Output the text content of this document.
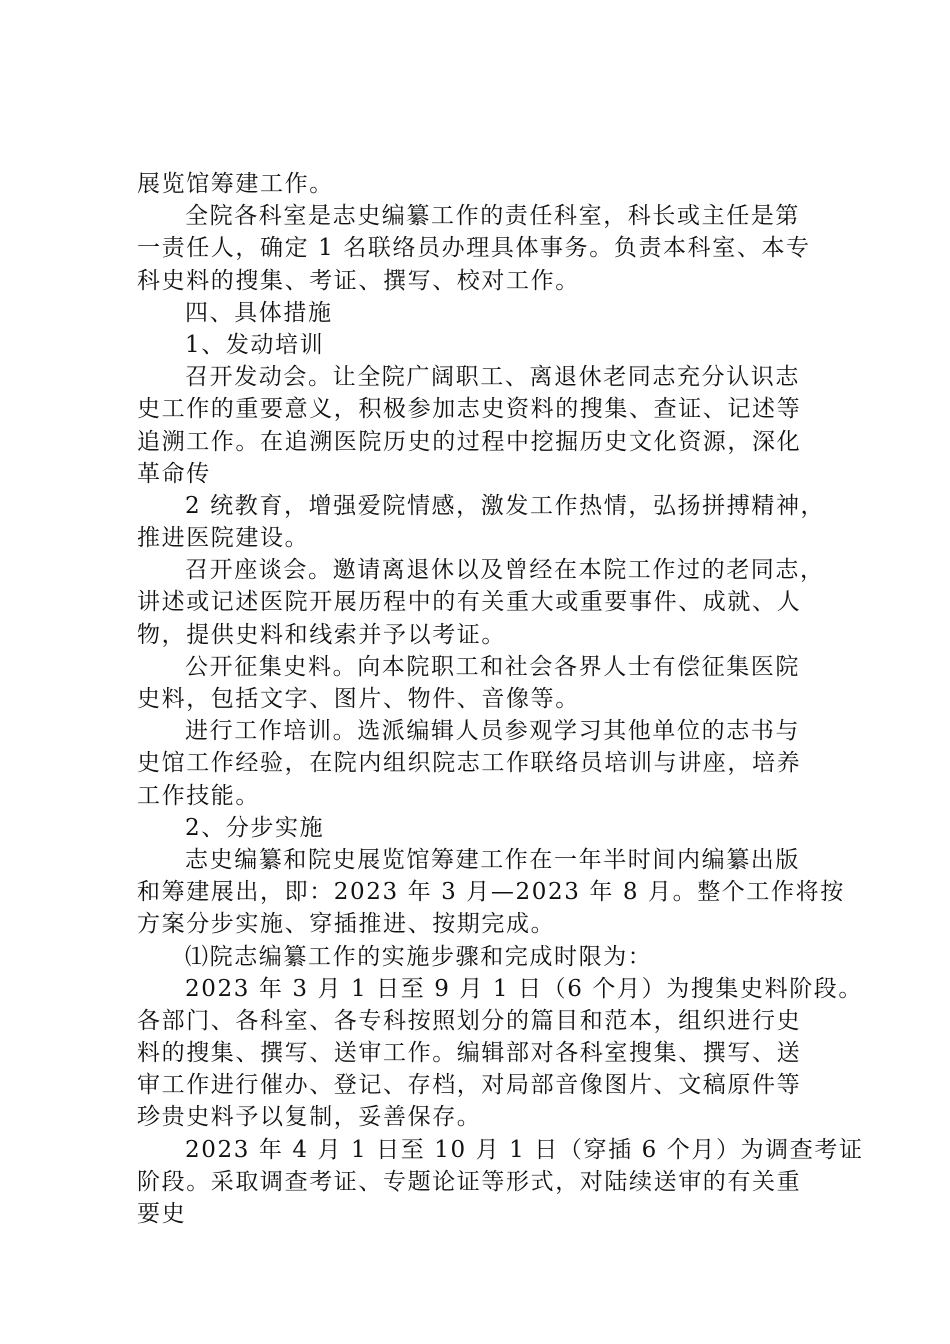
展览馆筹建工作。
全院各科室是志史编纂工作的责任科室，科长或主任是第
一责任人，确定 1 名联络员办理具体事务。负责本科室、本专
科史料的搜集、考证、撰写、校对工作。
四、具体措施
1、发动培训
召开发动会。让全院广阔职工、离退休老同志充分认识志
史工作的重要意义，积极参加志史资料的搜集、查证、记述等
追溯工作。在追溯医院历史的过程中挖掘历史文化资源，深化
革命传
2 统教育，增强爱院情感，激发工作热情，弘扬拼搏精神，
推进医院建设。
召开座谈会。邀请离退休以及曾经在本院工作过的老同志，
讲述或记述医院开展历程中的有关重大或重要事件、成就、人
物，提供史料和线索并予以考证。
公开征集史料。向本院职工和社会各界人士有偿征集医院
史料，包括文字、图片、物件、音像等。
进行工作培训。选派编辑人员参观学习其他单位的志书与
史馆工作经验，在院内组织院志工作联络员培训与讲座，培养
工作技能。
2、分步实施
志史编纂和院史展览馆筹建工作在一年半时间内编纂出版
和筹建展出，即：2023 年 3 月—2023 年 8 月。整个工作将按
方案分步实施、穿插推进、按期完成。
⑴院志编纂工作的实施步骤和完成时限为：
2023 年 3 月 1 日至 9 月 1 日（6 个月）为搜集史料阶段。
各部门、各科室、各专科按照划分的篇目和范本，组织进行史
料的搜集、撰写、送审工作。编辑部对各科室搜集、撰写、送
审工作进行催办、登记、存档，对局部音像图片、文稿原件等
珍贵史料予以复制，妥善保存。
2023 年 4 月 1 日至 10 月 1 日（穿插 6 个月）为调查考证
阶段。采取调查考证、专题论证等形式，对陆续送审的有关重
要史
